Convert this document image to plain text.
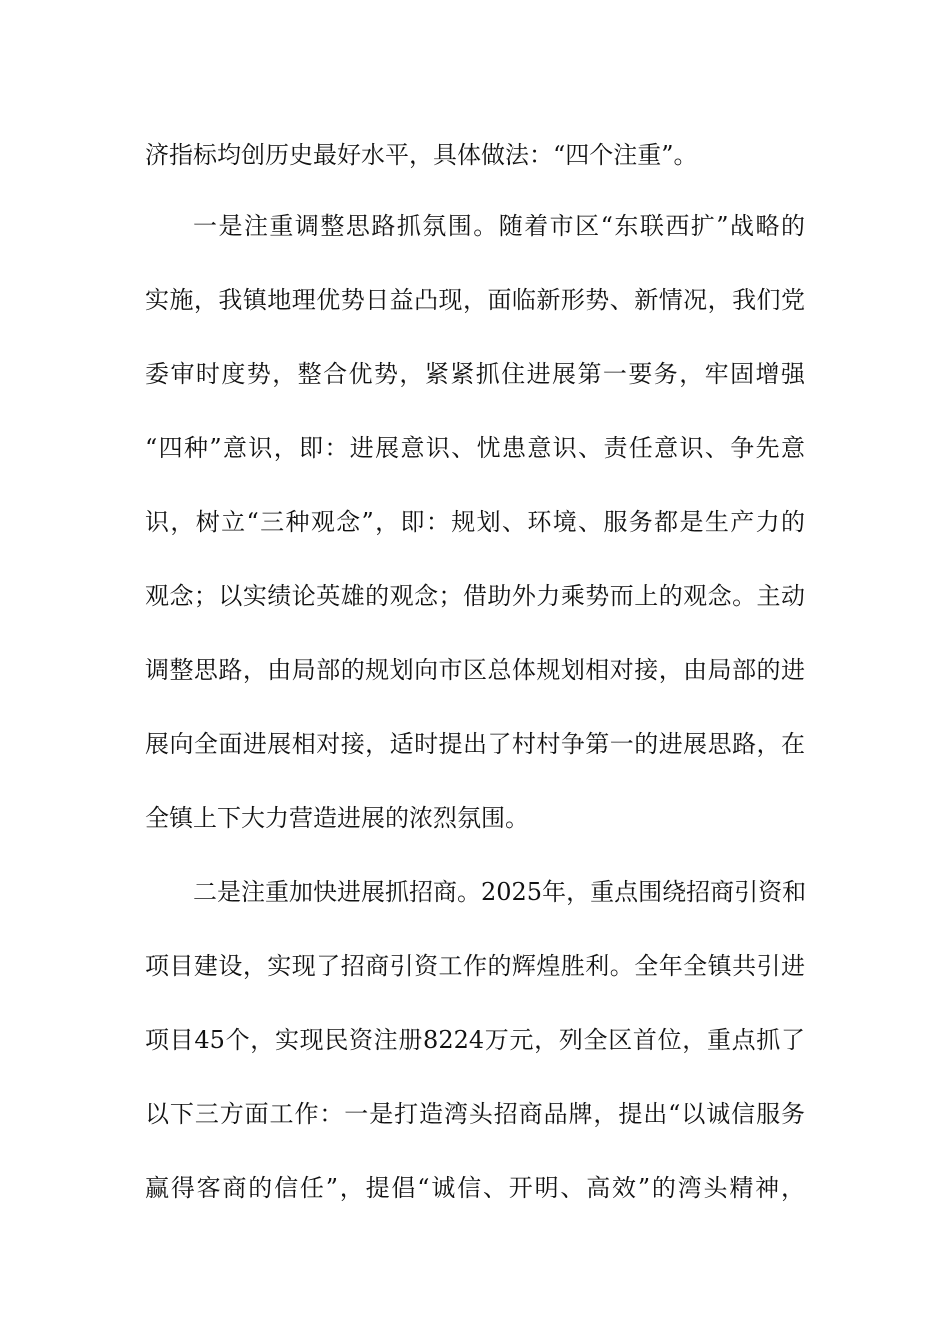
济指标均创历史最好水平，具体做法：“四个注重”。
一是注重调整思路抓氛围。随着市区“东联西扩”战略的
实施，我镇地理优势日益凸现，面临新形势、新情况，我们党
委审时度势，整合优势，紧紧抓住进展第一要务，牢固增强
“四种”意识，即：进展意识、忧患意识、责任意识、争先意
识，树立“三种观念”，即：规划、环境、服务都是生产力的
观念；以实绩论英雄的观念；借助外力乘势而上的观念。主动
调整思路，由局部的规划向市区总体规划相对接，由局部的进
展向全面进展相对接，适时提出了村村争第一的进展思路，在
全镇上下大力营造进展的浓烈氛围。
二是注重加快进展抓招商。2025年，重点围绕招商引资和
项目建设，实现了招商引资工作的辉煌胜利。全年全镇共引进
项目45个，实现民资注册8224万元，列全区首位，重点抓了
以下三方面工作：一是打造湾头招商品牌，提出“以诚信服务
赢得客商的信任”，提倡“诚信、开明、高效”的湾头精神，
